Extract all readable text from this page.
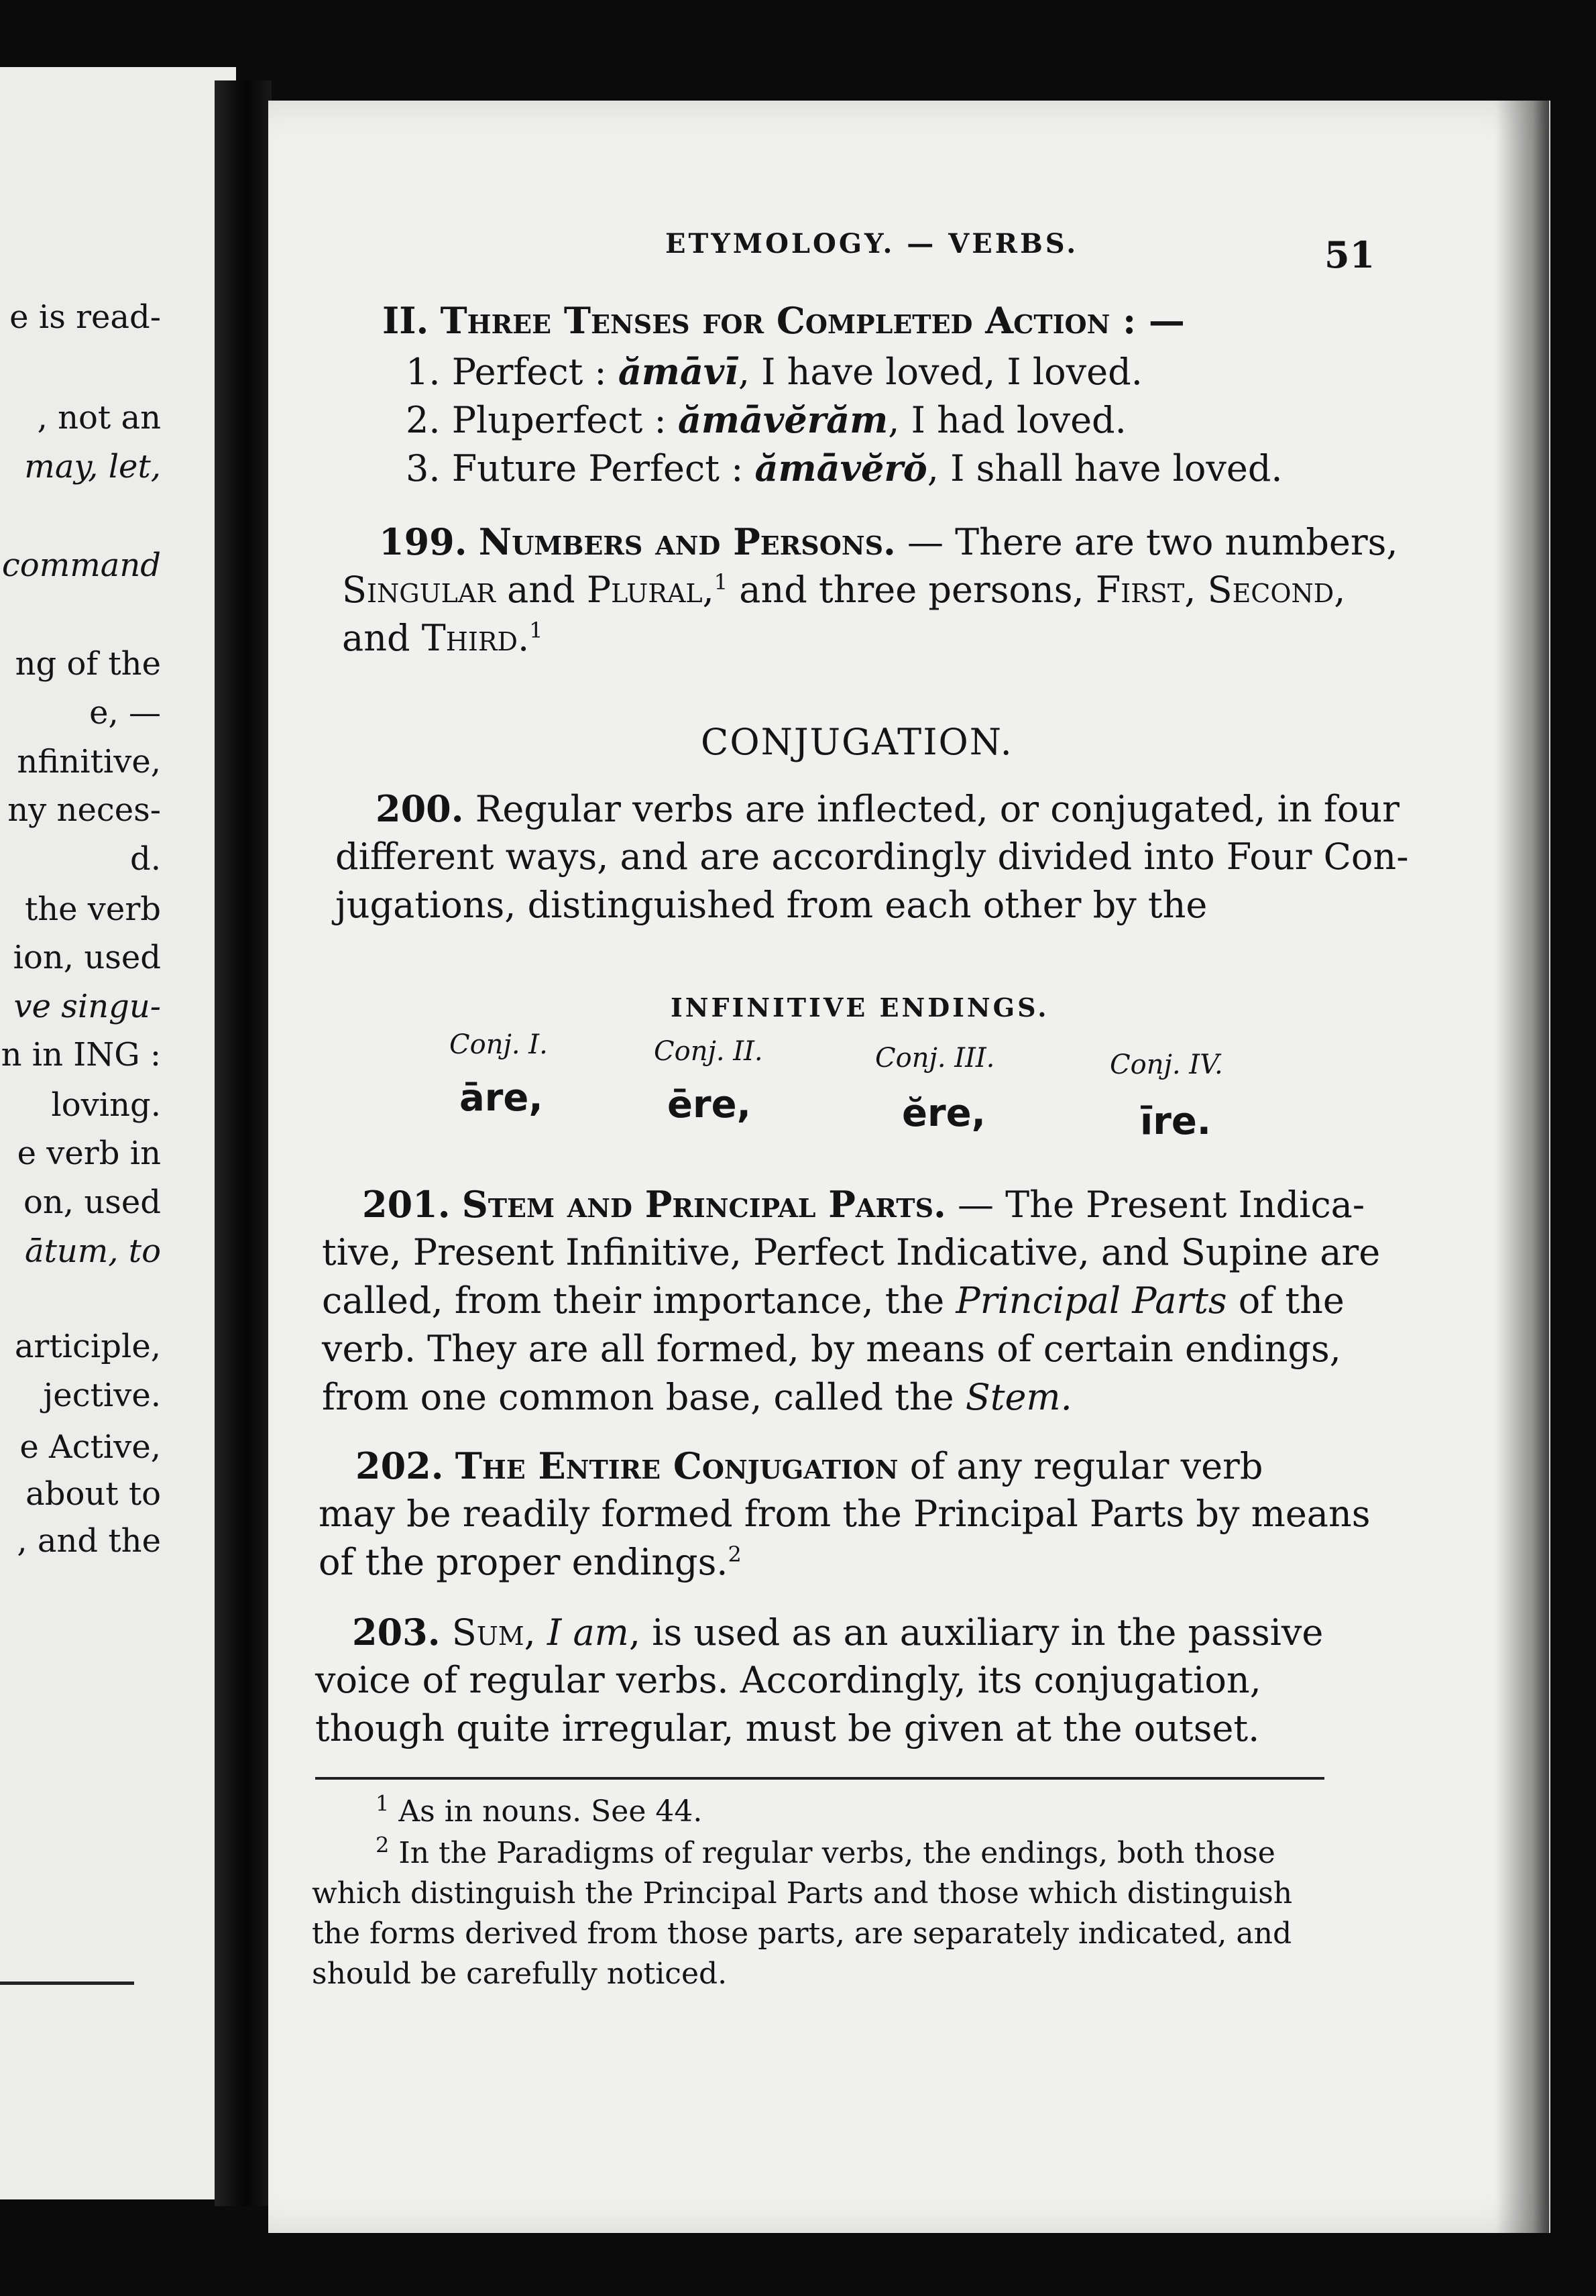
e is read-
, not an
may, let,
command
ng of the
e, —
nfinitive,
ny neces-
d.
the verb
ion, used
ve singu-
n in ING :
loving.
e verb in
on, used
ātum, to
articiple,
jective.
e Active,
about to
, and the
ETYMOLOGY. — VERBS.	51
II. Three Tenses for Completed Action : —
1. Perfect : ămāvī, I have loved, I loved.
2. Pluperfect : ămāvĕrăm, I had loved.
3. Future Perfect : ămāvĕrŏ, I shall have loved.
199. Numbers and Persons. — There are two numbers,
Singular and Plural,$^1$ and three persons, First, Second,
and Third.$^1$
CONJUGATION.
200. Regular verbs are inflected, or conjugated, in four
different ways, and are accordingly divided into Four Con-
jugations, distinguished from each other by the
INFINITIVE ENDINGS.
Conj. I.	Conj. II.	Conj. III.	Conj. IV.
āre,	ēre,	ĕre,	īre.
201. Stem and Principal Parts. — The Present Indica-
tive, Present Infinitive, Perfect Indicative, and Supine are
called, from their importance, the Principal Parts of the
verb. They are all formed, by means of certain endings,
from one common base, called the Stem.
202. The Entire Conjugation of any regular verb
may be readily formed from the Principal Parts by means
of the proper endings.$^2$
203. Sum, I am, is used as an auxiliary in the passive
voice of regular verbs. Accordingly, its conjugation,
though quite irregular, must be given at the outset.
$^1$ As in nouns. See 44.
$^2$ In the Paradigms of regular verbs, the endings, both those
which distinguish the Principal Parts and those which distinguish
the forms derived from those parts, are separately indicated, and
should be carefully noticed.
